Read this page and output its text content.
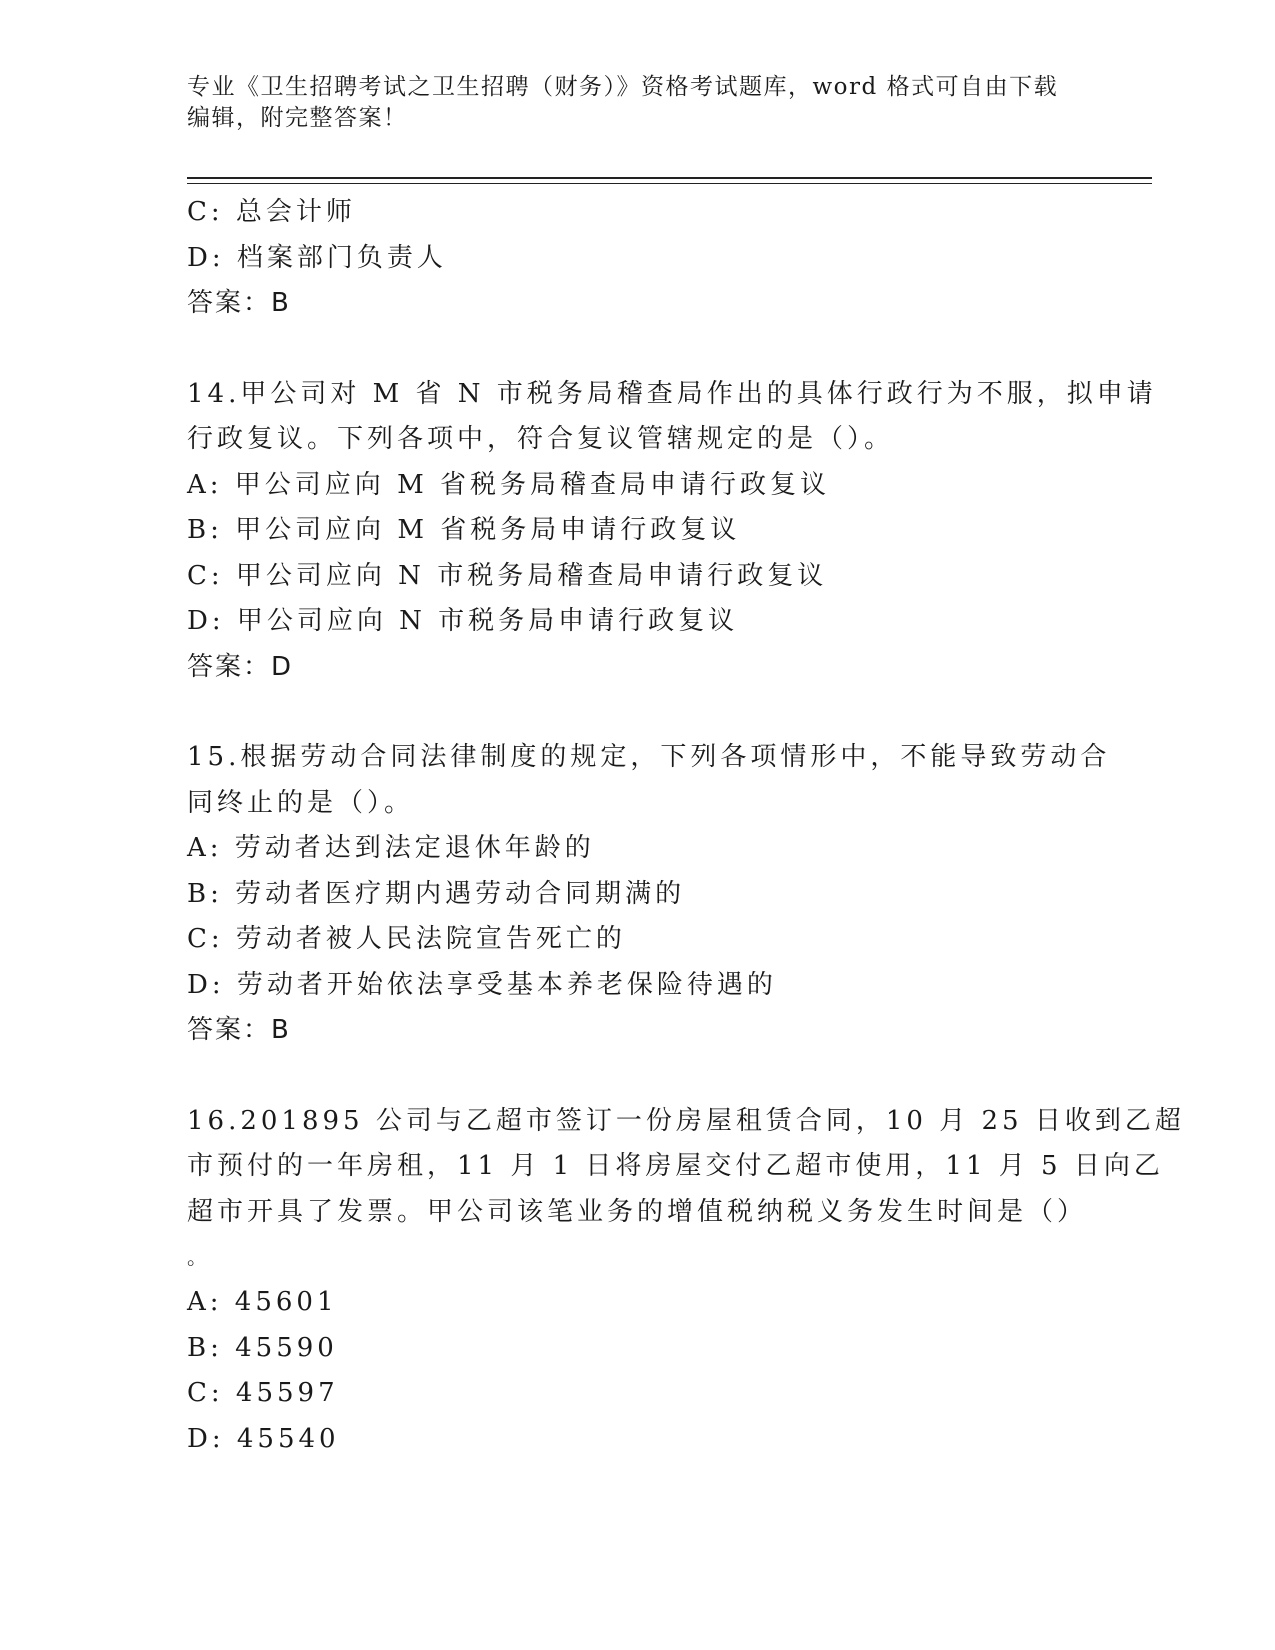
专业《卫生招聘考试之卫生招聘（财务）》资格考试题库，word 格式可自由下载
编辑，附完整答案！
C: 总会计师
D: 档案部门负责人
答案：B
14.甲公司对 M 省 N 市税务局稽查局作出的具体行政行为不服，拟申请
行政复议。下列各项中，符合复议管辖规定的是（）。
A: 甲公司应向 M 省税务局稽查局申请行政复议
B: 甲公司应向 M 省税务局申请行政复议
C: 甲公司应向 N 市税务局稽查局申请行政复议
D: 甲公司应向 N 市税务局申请行政复议
答案：D
15.根据劳动合同法律制度的规定，下列各项情形中，不能导致劳动合
同终止的是（）。
A: 劳动者达到法定退休年龄的
B: 劳动者医疗期内遇劳动合同期满的
C: 劳动者被人民法院宣告死亡的
D: 劳动者开始依法享受基本养老保险待遇的
答案：B
16.201895 公司与乙超市签订一份房屋租赁合同，10 月 25 日收到乙超
市预付的一年房租，11 月 1 日将房屋交付乙超市使用，11 月 5 日向乙
超市开具了发票。甲公司该笔业务的增值税纳税义务发生时间是（）
。
A: 45601
B: 45590
C: 45597
D: 45540
